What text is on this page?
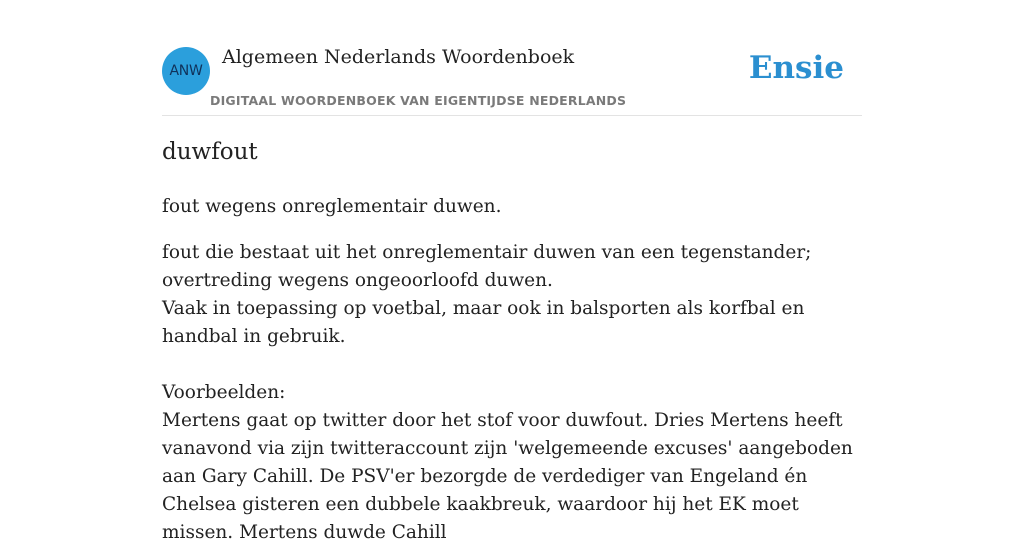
ANW
Algemeen Nederlands Woordenboek
DIGITAAL WOORDENBOEK VAN EIGENTIJDSE NEDERLANDS
Ensie
duwfout
fout wegens onreglementair duwen.

fout die bestaat uit het onreglementair duwen van een tegenstander; overtreding wegens ongeoorloofd duwen.

Vaak in toepassing op voetbal, maar ook in balsporten als korfbal en handbal in gebruik.

Voorbeelden:

Mertens gaat op twitter door het stof voor duwfout. Dries Mertens heeft vanavond via zijn twitteraccount zijn 'welgemeende excuses' aangeboden aan Gary Cahill. De PSV'er bezorgde de verdediger van Engeland én Chelsea gisteren een dubbele kaakbreuk, waardoor hij het EK moet missen. Mertens duwde Cahill
